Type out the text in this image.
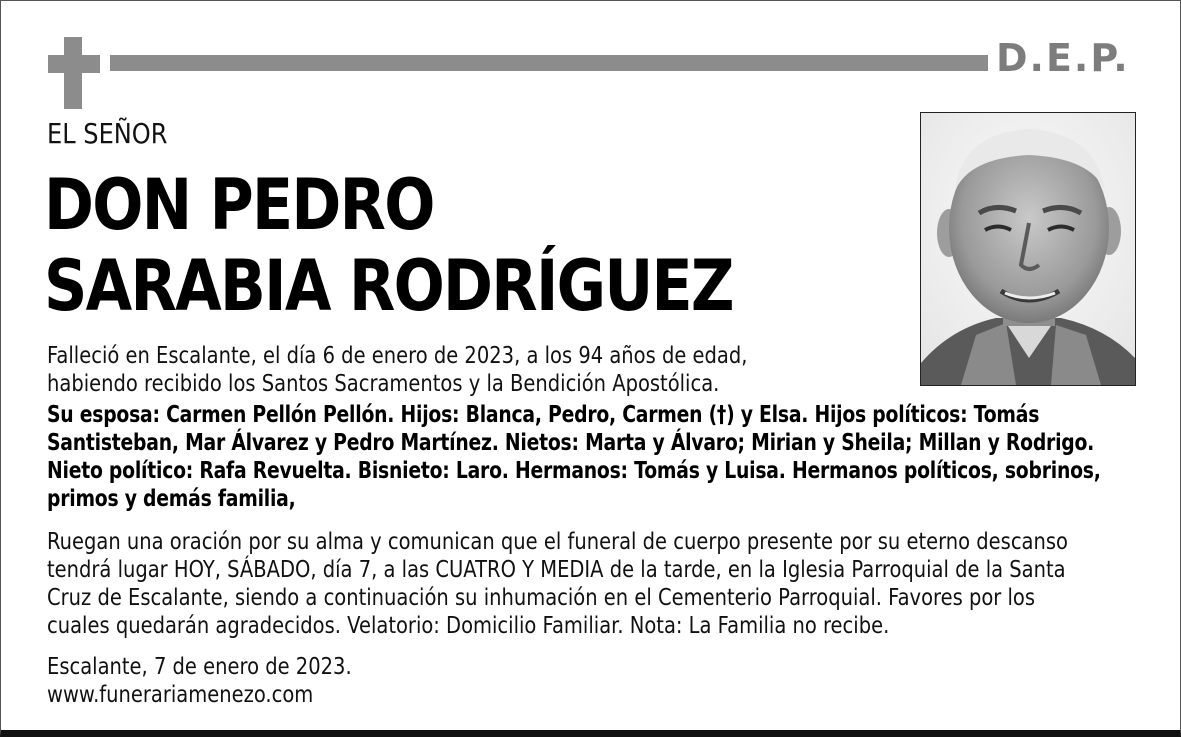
D.E.P.
EL SEÑOR
DON PEDRO
SARABIA RODRÍGUEZ
Falleció en Escalante, el día 6 de enero de 2023, a los 94 años de edad,
habiendo recibido los Santos Sacramentos y la Bendición Apostólica.
Su esposa: Carmen Pellón Pellón. Hijos: Blanca, Pedro, Carmen (†) y Elsa. Hijos políticos: Tomás
Santisteban, Mar Álvarez y Pedro Martínez. Nietos: Marta y Álvaro; Mirian y Sheila; Millan y Rodrigo.
Nieto político: Rafa Revuelta. Bisnieto: Laro. Hermanos: Tomás y Luisa. Hermanos políticos, sobrinos,
primos y demás familia,
Ruegan una oración por su alma y comunican que el funeral de cuerpo presente por su eterno descanso
tendrá lugar HOY, SÁBADO, día 7, a las CUATRO Y MEDIA de la tarde, en la Iglesia Parroquial de la Santa
Cruz de Escalante, siendo a continuación su inhumación en el Cementerio Parroquial. Favores por los
cuales quedarán agradecidos. Velatorio: Domicilio Familiar. Nota: La Familia no recibe.
Escalante, 7 de enero de 2023.
www.funerariamenezo.com
